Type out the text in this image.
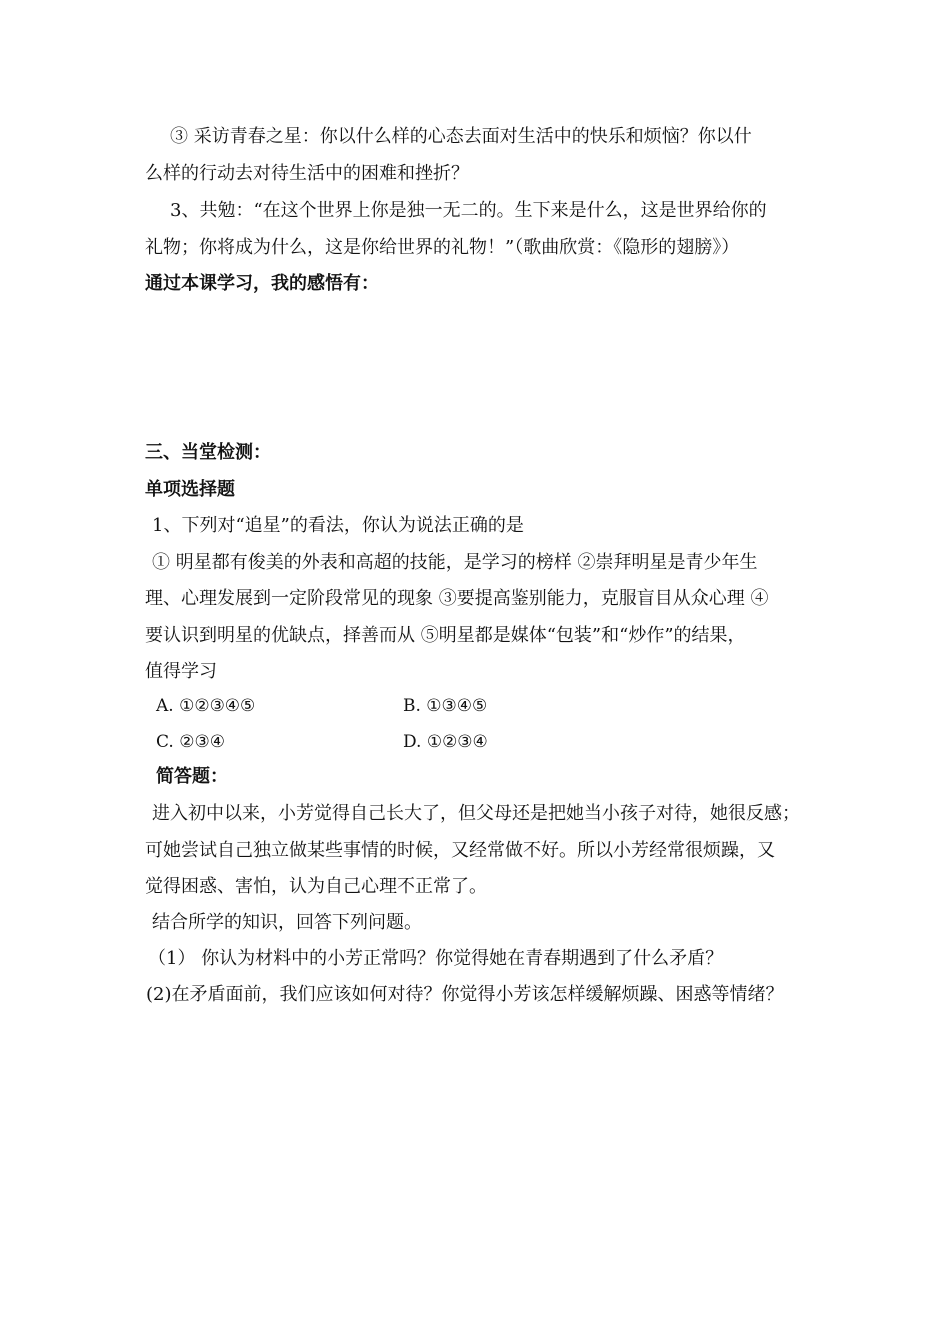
③ 采访青春之星：你以什么样的心态去面对生活中的快乐和烦恼？你以什
么样的行动去对待生活中的困难和挫折？
3、共勉：“在这个世界上你是独一无二的。生下来是什么，这是世界给你的
礼物；你将成为什么，这是你给世界的礼物！”（歌曲欣赏：《隐形的翅膀》）
通过本课学习，我的感悟有：
三、当堂检测：
单项选择题
1、下列对“追星”的看法，你认为说法正确的是
① 明星都有俊美的外表和高超的技能，是学习的榜样 ②崇拜明星是青少年生
理、心理发展到一定阶段常见的现象 ③要提高鉴别能力，克服盲目从众心理 ④
要认识到明星的优缺点，择善而从 ⑤明星都是媒体“包装”和“炒作”的结果，
值得学习
A. ①②③④⑤	B. ①③④⑤
C. ②③④	D. ①②③④
简答题：
进入初中以来，小芳觉得自己长大了，但父母还是把她当小孩子对待，她很反感；
可她尝试自己独立做某些事情的时候，又经常做不好。所以小芳经常很烦躁，又
觉得困惑、害怕，认为自己心理不正常了。
结合所学的知识，回答下列问题。
（1） 你认为材料中的小芳正常吗？你觉得她在青春期遇到了什么矛盾？
(2)在矛盾面前，我们应该如何对待？你觉得小芳该怎样缓解烦躁、困惑等情绪？
